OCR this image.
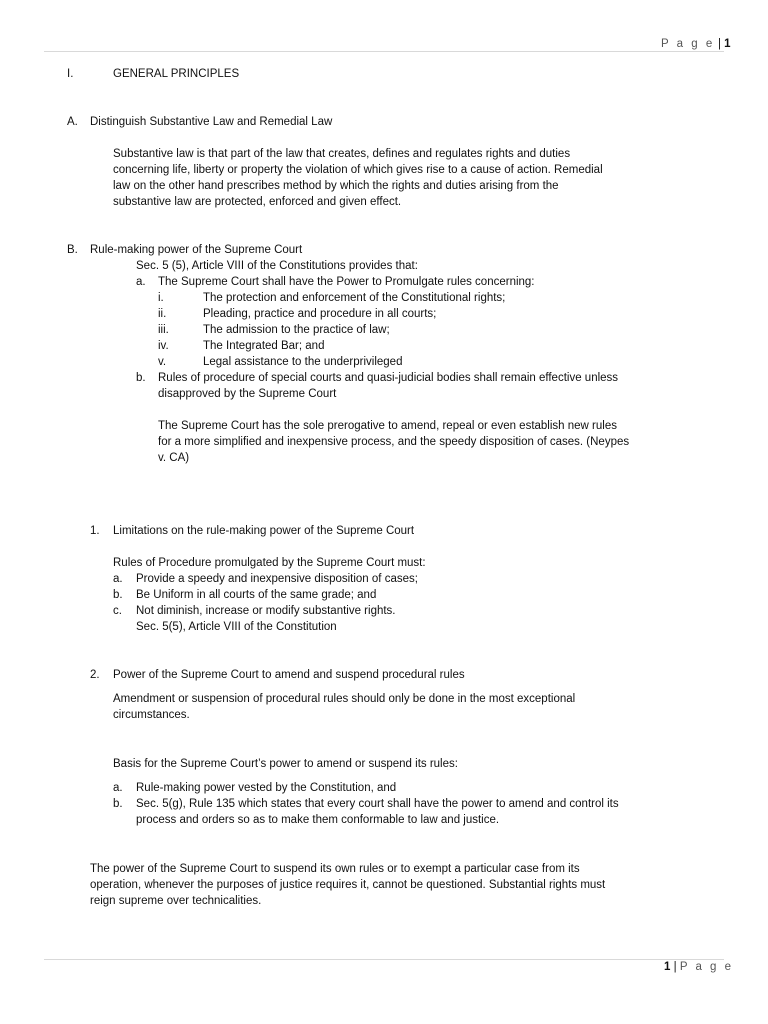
P a g e | 1
I.	GENERAL PRINCIPLES
A. Distinguish Substantive Law and Remedial Law
Substantive law is that part of the law that creates, defines and regulates rights and duties
concerning life, liberty or property the violation of which gives rise to a cause of action. Remedial
law on the other hand prescribes method by which the rights and duties arising from the
substantive law are protected, enforced and given effect.
B. Rule-making power of the Supreme Court
Sec. 5 (5), Article VIII of the Constitutions provides that:
a. The Supreme Court shall have the Power to Promulgate rules concerning:
i.	The protection and enforcement of the Constitutional rights;
ii.	Pleading, practice and procedure in all courts;
iii.	The admission to the practice of law;
iv.	The Integrated Bar; and
v.	Legal assistance to the underprivileged
b. Rules of procedure of special courts and quasi-judicial bodies shall remain effective unless
disapproved by the Supreme Court
The Supreme Court has the sole prerogative to amend, repeal or even establish new rules
for a more simplified and inexpensive process, and the speedy disposition of cases. (Neypes
v. CA)
1. Limitations on the rule-making power of the Supreme Court
Rules of Procedure promulgated by the Supreme Court must:
a. Provide a speedy and inexpensive disposition of cases;
b. Be Uniform in all courts of the same grade; and
c. Not diminish, increase or modify substantive rights.
Sec. 5(5), Article VIII of the Constitution
2. Power of the Supreme Court to amend and suspend procedural rules
Amendment or suspension of procedural rules should only be done in the most exceptional
circumstances.
Basis for the Supreme Court’s power to amend or suspend its rules:
a. Rule-making power vested by the Constitution, and
b. Sec. 5(g), Rule 135 which states that every court shall have the power to amend and control its
process and orders so as to make them conformable to law and justice.
The power of the Supreme Court to suspend its own rules or to exempt a particular case from its
operation, whenever the purposes of justice requires it, cannot be questioned. Substantial rights must
reign supreme over technicalities.
1 | P a g e
